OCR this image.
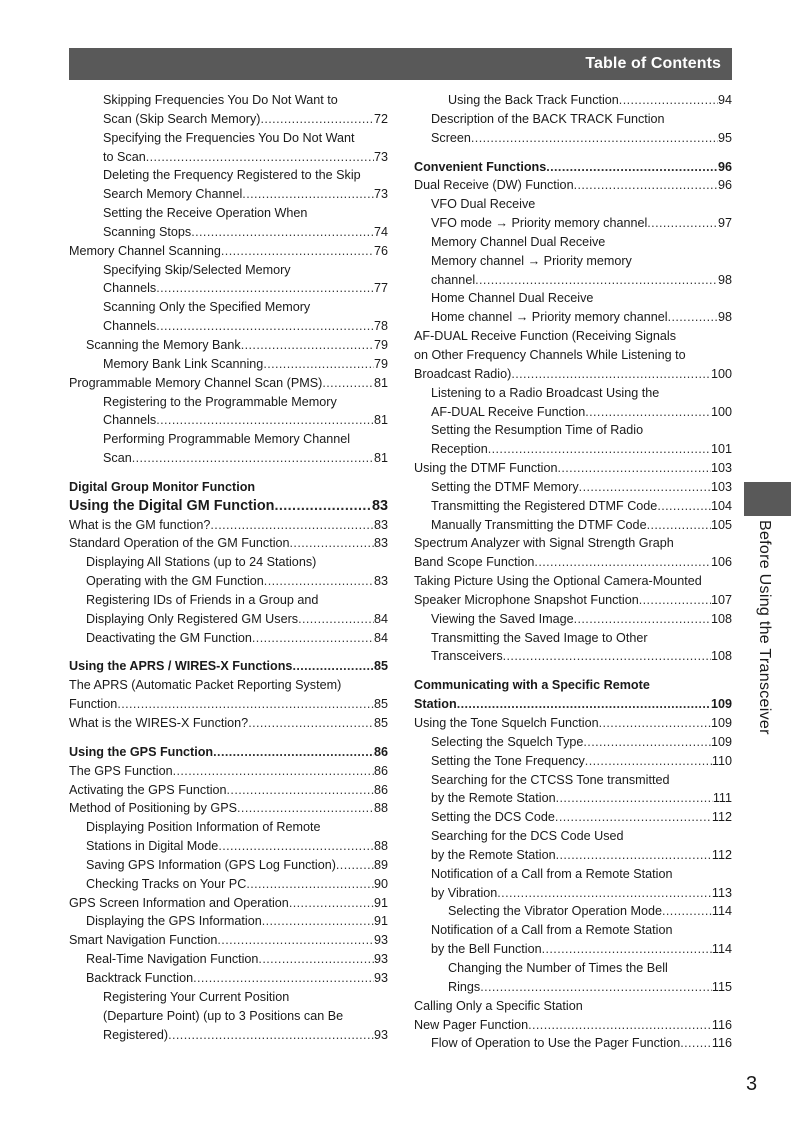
Table of Contents
Skipping Frequencies You Do Not Want to
Scan (Skip Search Memory) .....	72
Specifying the Frequencies You Do Not Want
to Scan .....	73
Deleting the Frequency Registered to the Skip
Search Memory Channel .....	73
Setting the Receive Operation When
Scanning Stops .....	74
Memory Channel Scanning .....	76
Specifying Skip/Selected Memory
Channels .....	77
Scanning Only the Specified Memory
Channels .....	78
Scanning the Memory Bank .....	79
Memory Bank Link Scanning .....	79
Programmable Memory Channel Scan (PMS) .....	81
Registering to the Programmable Memory
Channels .....	81
Performing Programmable Memory Channel
Scan .....	81
Digital Group Monitor Function
Using the Digital GM Function .....	83
What is the GM function? .....	83
Standard Operation of the GM Function .....	83
Displaying All Stations (up to 24 Stations)
Operating with the GM Function .....	83
Registering IDs of Friends in a Group and
Displaying Only Registered GM Users .....	84
Deactivating the GM Function .....	84
Using the APRS / WIRES-X Functions .....	85
The APRS (Automatic Packet Reporting System)
Function .....	85
What is the WIRES-X Function? .....	85
Using the GPS Function .....	86
The GPS Function .....	86
Activating the GPS Function .....	86
Method of Positioning by GPS .....	88
Displaying Position Information of Remote
Stations in Digital Mode .....	88
Saving GPS Information (GPS Log Function) .....	89
Checking Tracks on Your PC .....	90
GPS Screen Information and Operation .....	91
Displaying the GPS Information .....	91
Smart Navigation Function .....	93
Real-Time Navigation Function .....	93
Backtrack Function .....	93
Registering Your Current Position
(Departure Point) (up to 3 Positions can Be
Registered) .....	93
Using the Back Track Function .....	94
Description of the BACK TRACK Function
Screen .....	95
Convenient Functions .....	96
Dual Receive (DW) Function .....	96
VFO Dual Receive
VFO mode → Priority memory channel .....	97
Memory Channel Dual Receive
Memory channel → Priority memory
channel .....	98
Home Channel Dual Receive
Home channel → Priority memory channel .....	98
AF-DUAL Receive Function (Receiving Signals
on Other Frequency Channels While Listening to
Broadcast Radio) .....	100
Listening to a Radio Broadcast Using the
AF-DUAL Receive Function .....	100
Setting the Resumption Time of Radio
Reception .....	101
Using the DTMF Function .....	103
Setting the DTMF Memory .....	103
Transmitting the Registered DTMF Code .....	104
Manually Transmitting the DTMF Code .....	105
Spectrum Analyzer with Signal Strength Graph
Band Scope Function .....	106
Taking Picture Using the Optional Camera-Mounted
Speaker Microphone Snapshot Function .....	107
Viewing the Saved Image .....	108
Transmitting the Saved Image to Other
Transceivers .....	108
Communicating with a Specific Remote
Station .....	109
Using the Tone Squelch Function .....	109
Selecting the Squelch Type .....	109
Setting the Tone Frequency .....	110
Searching for the CTCSS Tone transmitted
by the Remote Station .....	111
Setting the DCS Code .....	112
Searching for the DCS Code Used
by the Remote Station .....	112
Notification of a Call from a Remote Station
by Vibration .....	113
Selecting the Vibrator Operation Mode .....	114
Notification of a Call from a Remote Station
by the Bell Function .....	114
Changing the Number of Times the Bell
Rings .....	115
Calling Only a Specific Station
New Pager Function .....	116
Flow of Operation to Use the Pager Function .....	116
Before Using the Transceiver
3
